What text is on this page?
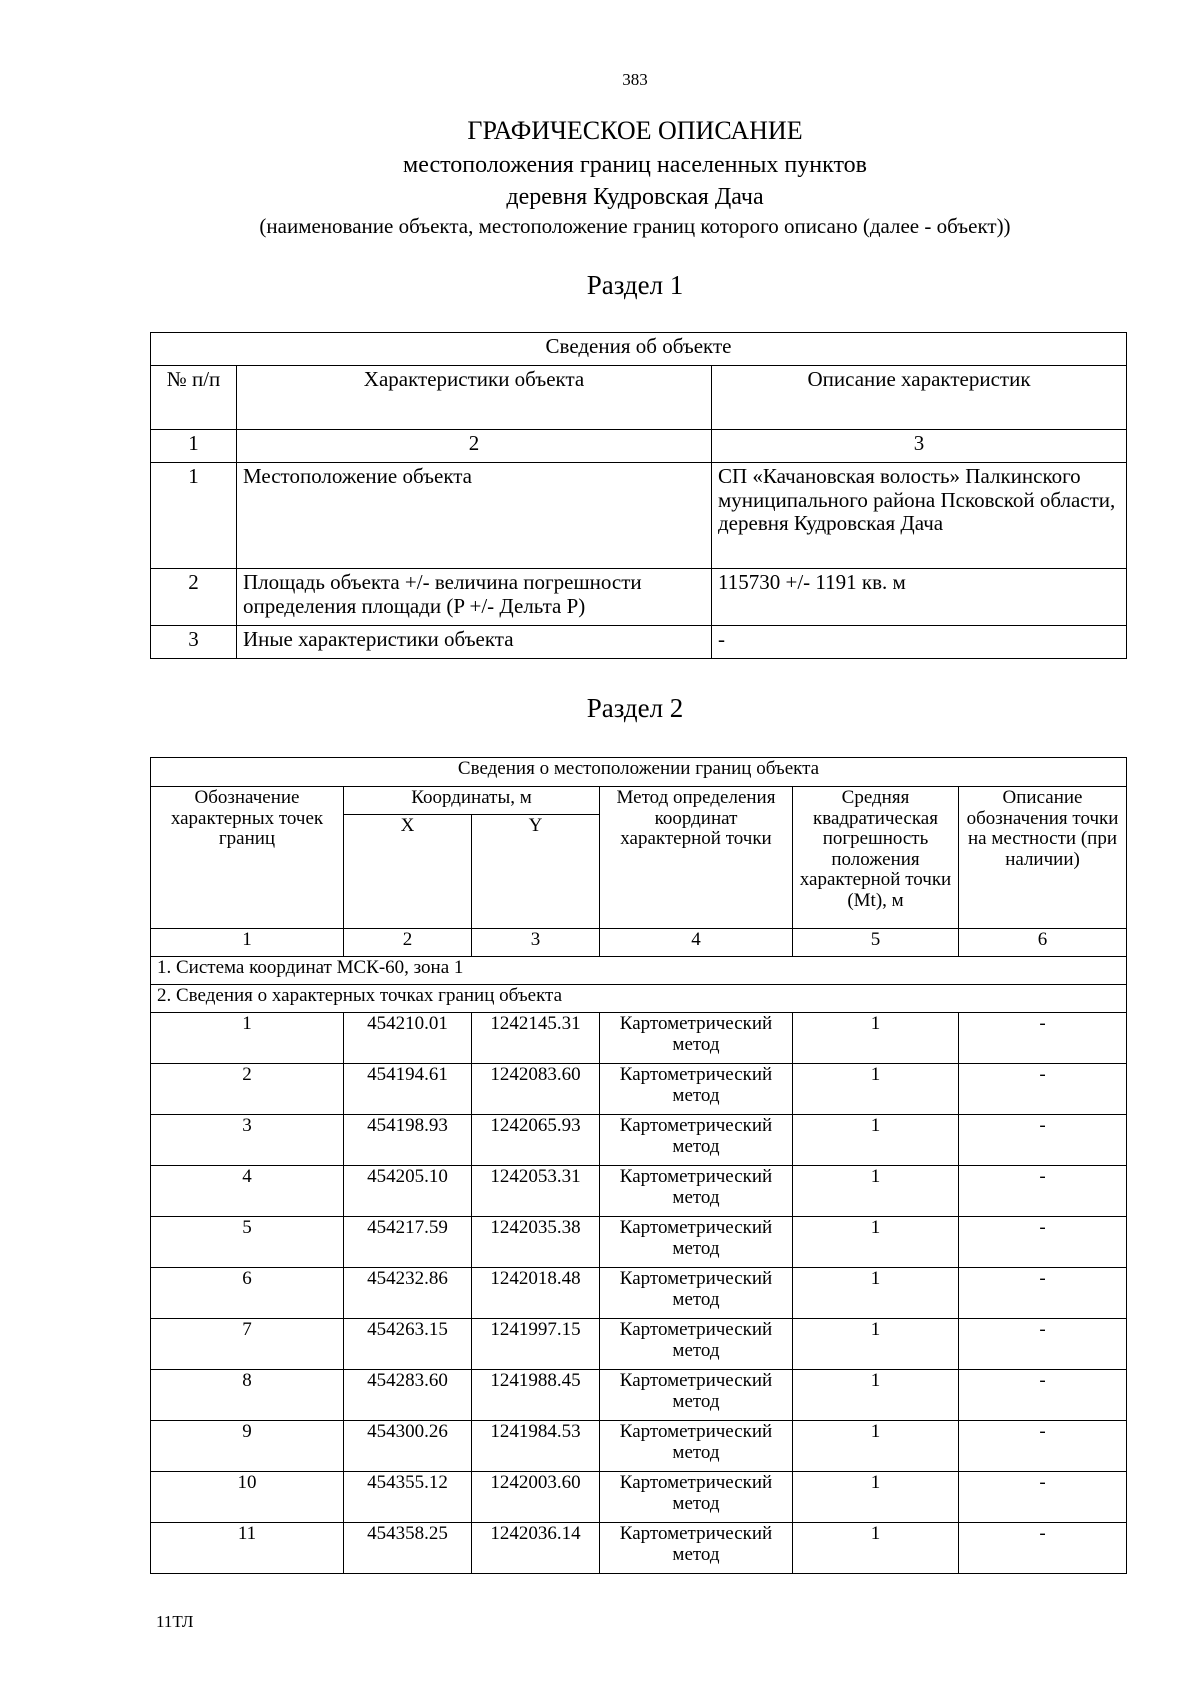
383
ГРАФИЧЕСКОЕ ОПИСАНИЕ
местоположения границ населенных пунктов
деревня Кудровская Дача
(наименование объекта, местоположение границ которого описано (далее - объект))
Раздел 1
Сведения об объекте		
№ п/п	Характеристики объекта	Описание характеристик
1	2	3
1	Местоположение объекта	СП «Качановская волость» Палкинского муниципального района Псковской области, деревня Кудровская Дача
2	Площадь объекта +/- величина погрешности определения площади (P +/- Дельта P)	115730 +/- 1191 кв. м
3	Иные характеристики объекта	-
Раздел 2
Сведения о местоположении границ объекта					
Обозначение характерных точек границ	Координаты, м		Метод определения координат характерной точки	Средняя квадратическая погрешность положения характерной точки (Mt), м	Описание обозначения точки на местности (при наличии)
	X	Y			
1	2	3	4	5	6
1. Система координат МСК-60, зона 1					
2. Сведения о характерных точках границ объекта					
1	454210.01	1242145.31	Картометрический метод	1	-
2	454194.61	1242083.60	Картометрический метод	1	-
3	454198.93	1242065.93	Картометрический метод	1	-
4	454205.10	1242053.31	Картометрический метод	1	-
5	454217.59	1242035.38	Картометрический метод	1	-
6	454232.86	1242018.48	Картометрический метод	1	-
7	454263.15	1241997.15	Картометрический метод	1	-
8	454283.60	1241988.45	Картометрический метод	1	-
9	454300.26	1241984.53	Картометрический метод	1	-
10	454355.12	1242003.60	Картометрический метод	1	-
11	454358.25	1242036.14	Картометрический метод	1	-
11ТЛ
